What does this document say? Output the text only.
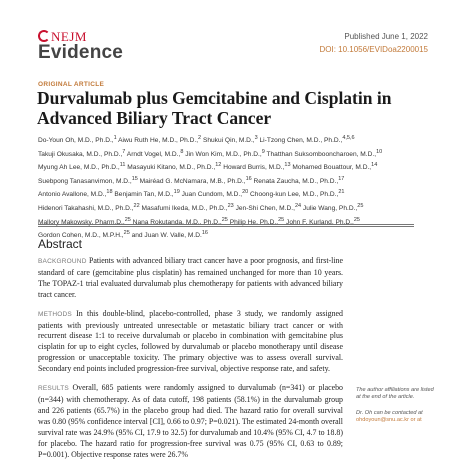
NEJM
Evidence
Published June 1, 2022
DOI: 10.1056/EVIDoa2200015
ORIGINAL ARTICLE
Durvalumab plus Gemcitabine and Cisplatin in Advanced Biliary Tract Cancer
Do-Youn Oh, M.D., Ph.D.,$^1$ Aiwu Ruth He, M.D., Ph.D.,$^2$ Shukui Qin, M.D.,$^3$ Li-Tzong Chen, M.D., Ph.D.,$^{4,5,6}$
Takuji Okusaka, M.D., Ph.D.,$^7$ Arndt Vogel, M.D.,$^8$ Jin Won Kim, M.D., Ph.D.,$^9$ Thatthan Suksombooncharoen, M.D.,$^{10}$
Myung Ah Lee, M.D., Ph.D.,$^{11}$ Masayuki Kitano, M.D., Ph.D.,$^{12}$ Howard Burris, M.D.,$^{13}$ Mohamed Bouattour, M.D.,$^{14}$
Suebpong Tanasanvimon, M.D.,$^{15}$ Mairéad G. McNamara, M.B., Ph.D.,$^{16}$ Renata Zaucha, M.D., Ph.D.,$^{17}$
Antonio Avallone, M.D.,$^{18}$ Benjamin Tan, M.D.,$^{19}$ Juan Cundom, M.D.,$^{20}$ Choong-kun Lee, M.D., Ph.D.,$^{21}$
Hidenori Takahashi, M.D., Ph.D.,$^{22}$ Masafumi Ikeda, M.D., Ph.D.,$^{23}$ Jen-Shi Chen, M.D.,$^{24}$ Julie Wang, Ph.D.,$^{25}$
Mallory Makowsky, Pharm.D.,$^{25}$ Nana Rokutanda, M.D., Ph.D.,$^{25}$ Philip He, Ph.D.,$^{25}$ John F. Kurland, Ph.D.,$^{25}$
Gordon Cohen, M.D., M.P.H.,$^{25}$ and Juan W. Valle, M.D.$^{16}$
Abstract

BACKGROUND Patients with advanced biliary tract cancer have a poor prognosis, and first-line standard of care (gemcitabine plus cisplatin) has remained unchanged for more than 10 years. The TOPAZ-1 trial evaluated durvalumab plus chemotherapy for patients with advanced biliary tract cancer.

METHODS In this double-blind, placebo-controlled, phase 3 study, we randomly assigned patients with previously untreated unresectable or metastatic biliary tract cancer or with recurrent disease 1:1 to receive durvalumab or placebo in combination with gemcitabine plus cisplatin for up to eight cycles, followed by durvalumab or placebo monotherapy until disease progression or unacceptable toxicity. The primary objective was to assess overall survival. Secondary end points included progression-free survival, objective response rate, and safety.

RESULTS Overall, 685 patients were randomly assigned to durvalumab (n=341) or placebo (n=344) with chemotherapy. As of data cutoff, 198 patients (58.1%) in the durvalumab group and 226 patients (65.7%) in the placebo group had died. The hazard ratio for overall survival was 0.80 (95% confidence interval [CI], 0.66 to 0.97; P=0.021). The estimated 24-month overall survival rate was 24.9% (95% CI, 17.9 to 32.5) for durvalumab and 10.4% (95% CI, 4.7 to 18.8) for placebo. The hazard ratio for progression-free survival was 0.75 (95% CI, 0.63 to 0.89; P=0.001). Objective response rates were 26.7%

The author affiliations are listed at the end of the article.

Dr. Oh can be contacted at
ohdoyoun@snu.ac.kr or at
